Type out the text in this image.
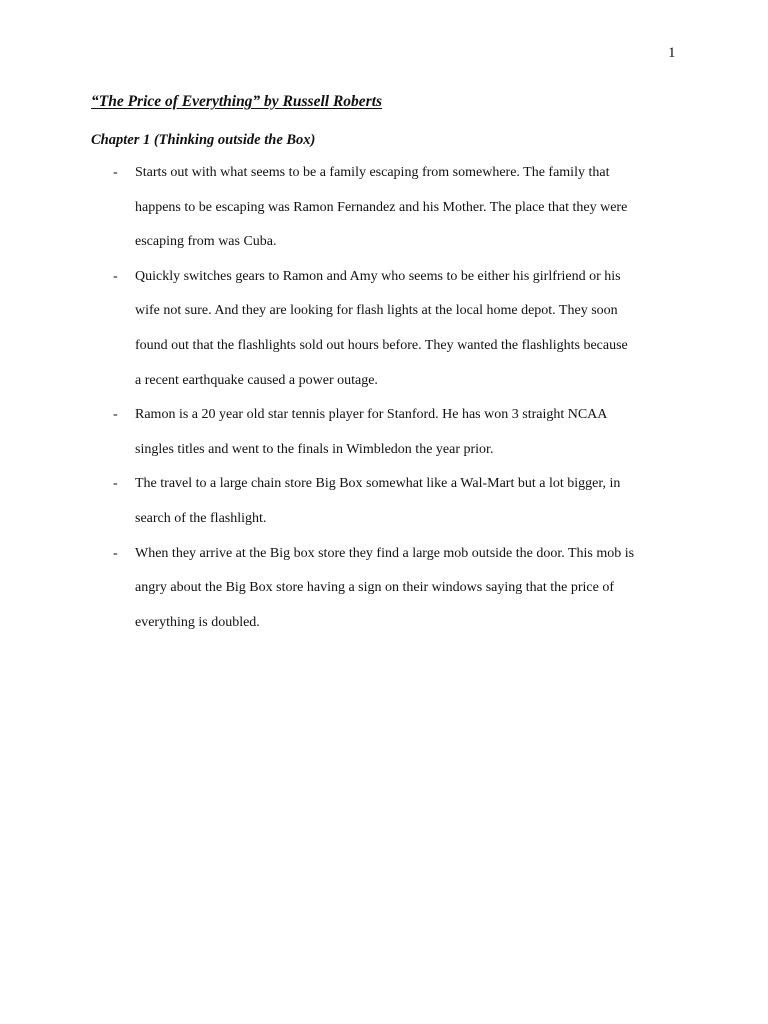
1
“The Price of Everything” by Russell Roberts
Chapter 1 (Thinking outside the Box)
- Starts out with what seems to be a family escaping from somewhere. The family that
happens to be escaping was Ramon Fernandez and his Mother. The place that they were
escaping from was Cuba.
- Quickly switches gears to Ramon and Amy who seems to be either his girlfriend or his
wife not sure. And they are looking for flash lights at the local home depot. They soon
found out that the flashlights sold out hours before. They wanted the flashlights because
a recent earthquake caused a power outage.
- Ramon is a 20 year old star tennis player for Stanford. He has won 3 straight NCAA
singles titles and went to the finals in Wimbledon the year prior.
- The travel to a large chain store Big Box somewhat like a Wal-Mart but a lot bigger, in
search of the flashlight.
- When they arrive at the Big box store they find a large mob outside the door. This mob is
angry about the Big Box store having a sign on their windows saying that the price of
everything is doubled.
